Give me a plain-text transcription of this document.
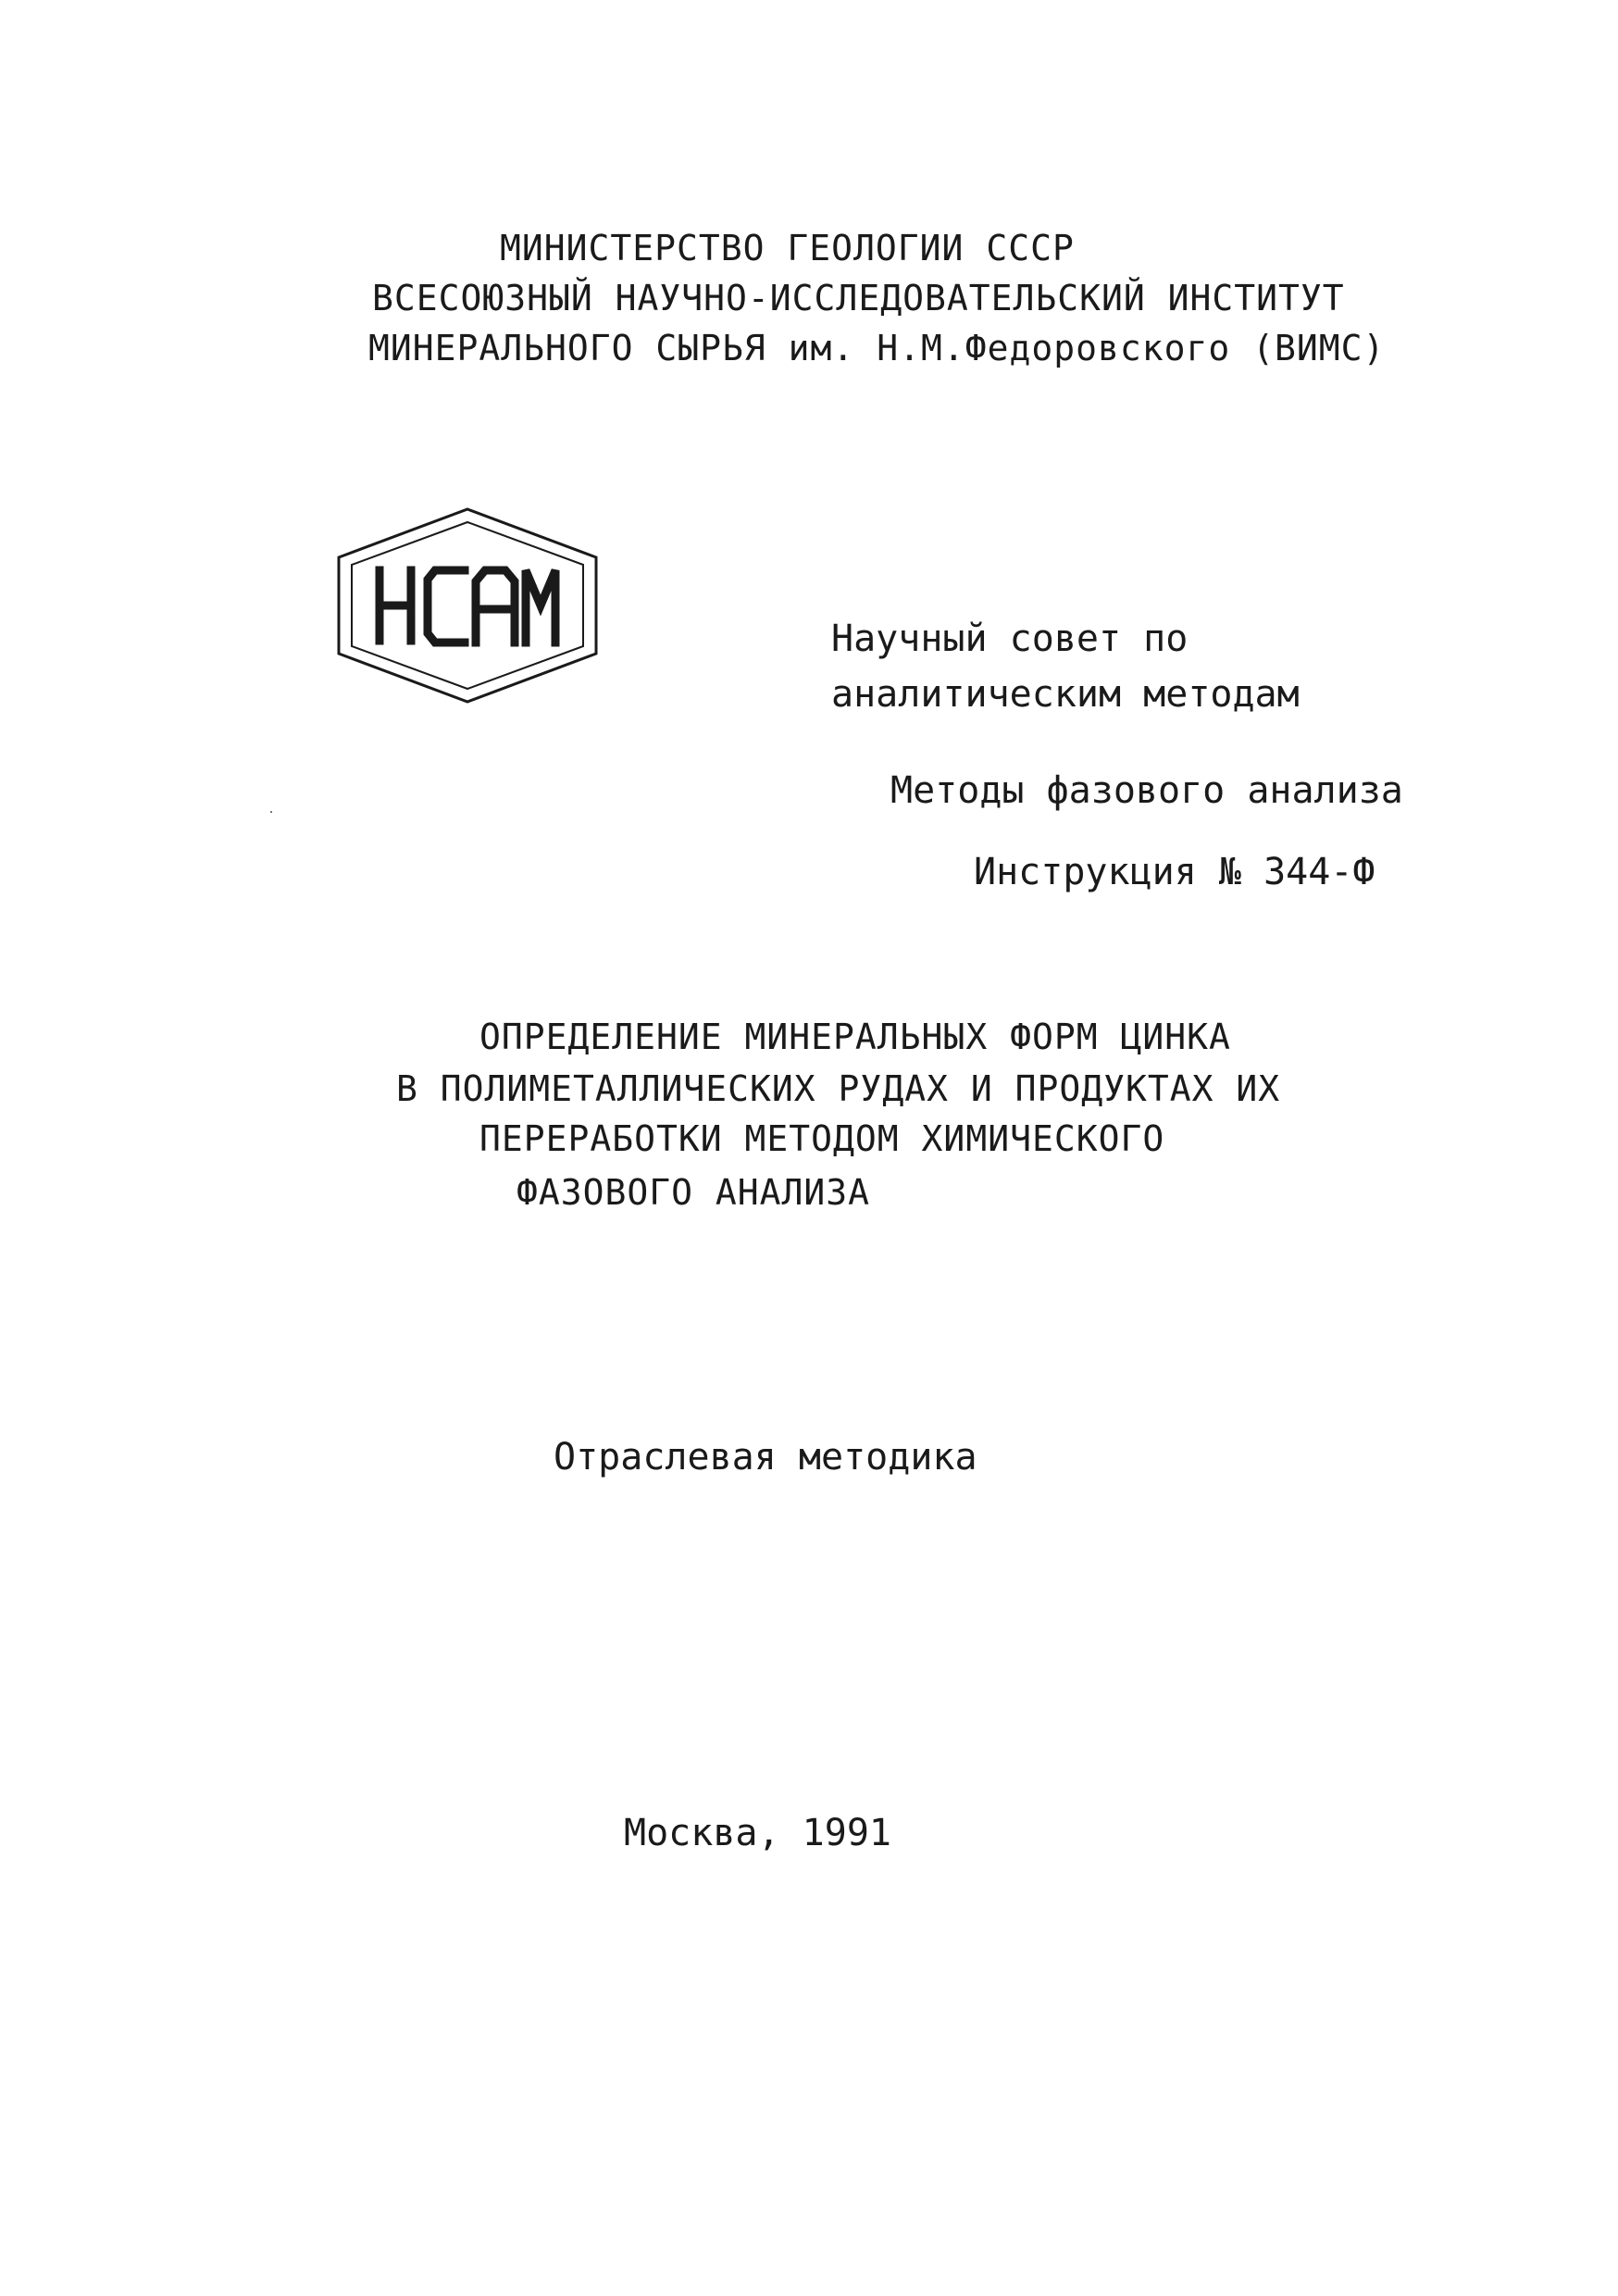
МИНИСТЕРСТВО ГЕОЛОГИИ СССР
ВСЕСОЮЗНЫЙ НАУЧНО-ИССЛЕДОВАТЕЛЬСКИЙ ИНСТИТУТ
МИНЕРАЛЬНОГО СЫРЬЯ им. Н.М.Федоровского (ВИМС)
НСАМ
Научный совет по
аналитическим методам
Методы фазового анализа
Инструкция № 344-Ф
ОПРЕДЕЛЕНИЕ МИНЕРАЛЬНЫХ ФОРМ ЦИНКА
В ПОЛИМЕТАЛЛИЧЕСКИХ РУДАХ И ПРОДУКТАХ ИХ
ПЕРЕРАБОТКИ МЕТОДОМ ХИМИЧЕСКОГО
ФАЗОВОГО АНАЛИЗА
Отраслевая методика
Москва, 1991
